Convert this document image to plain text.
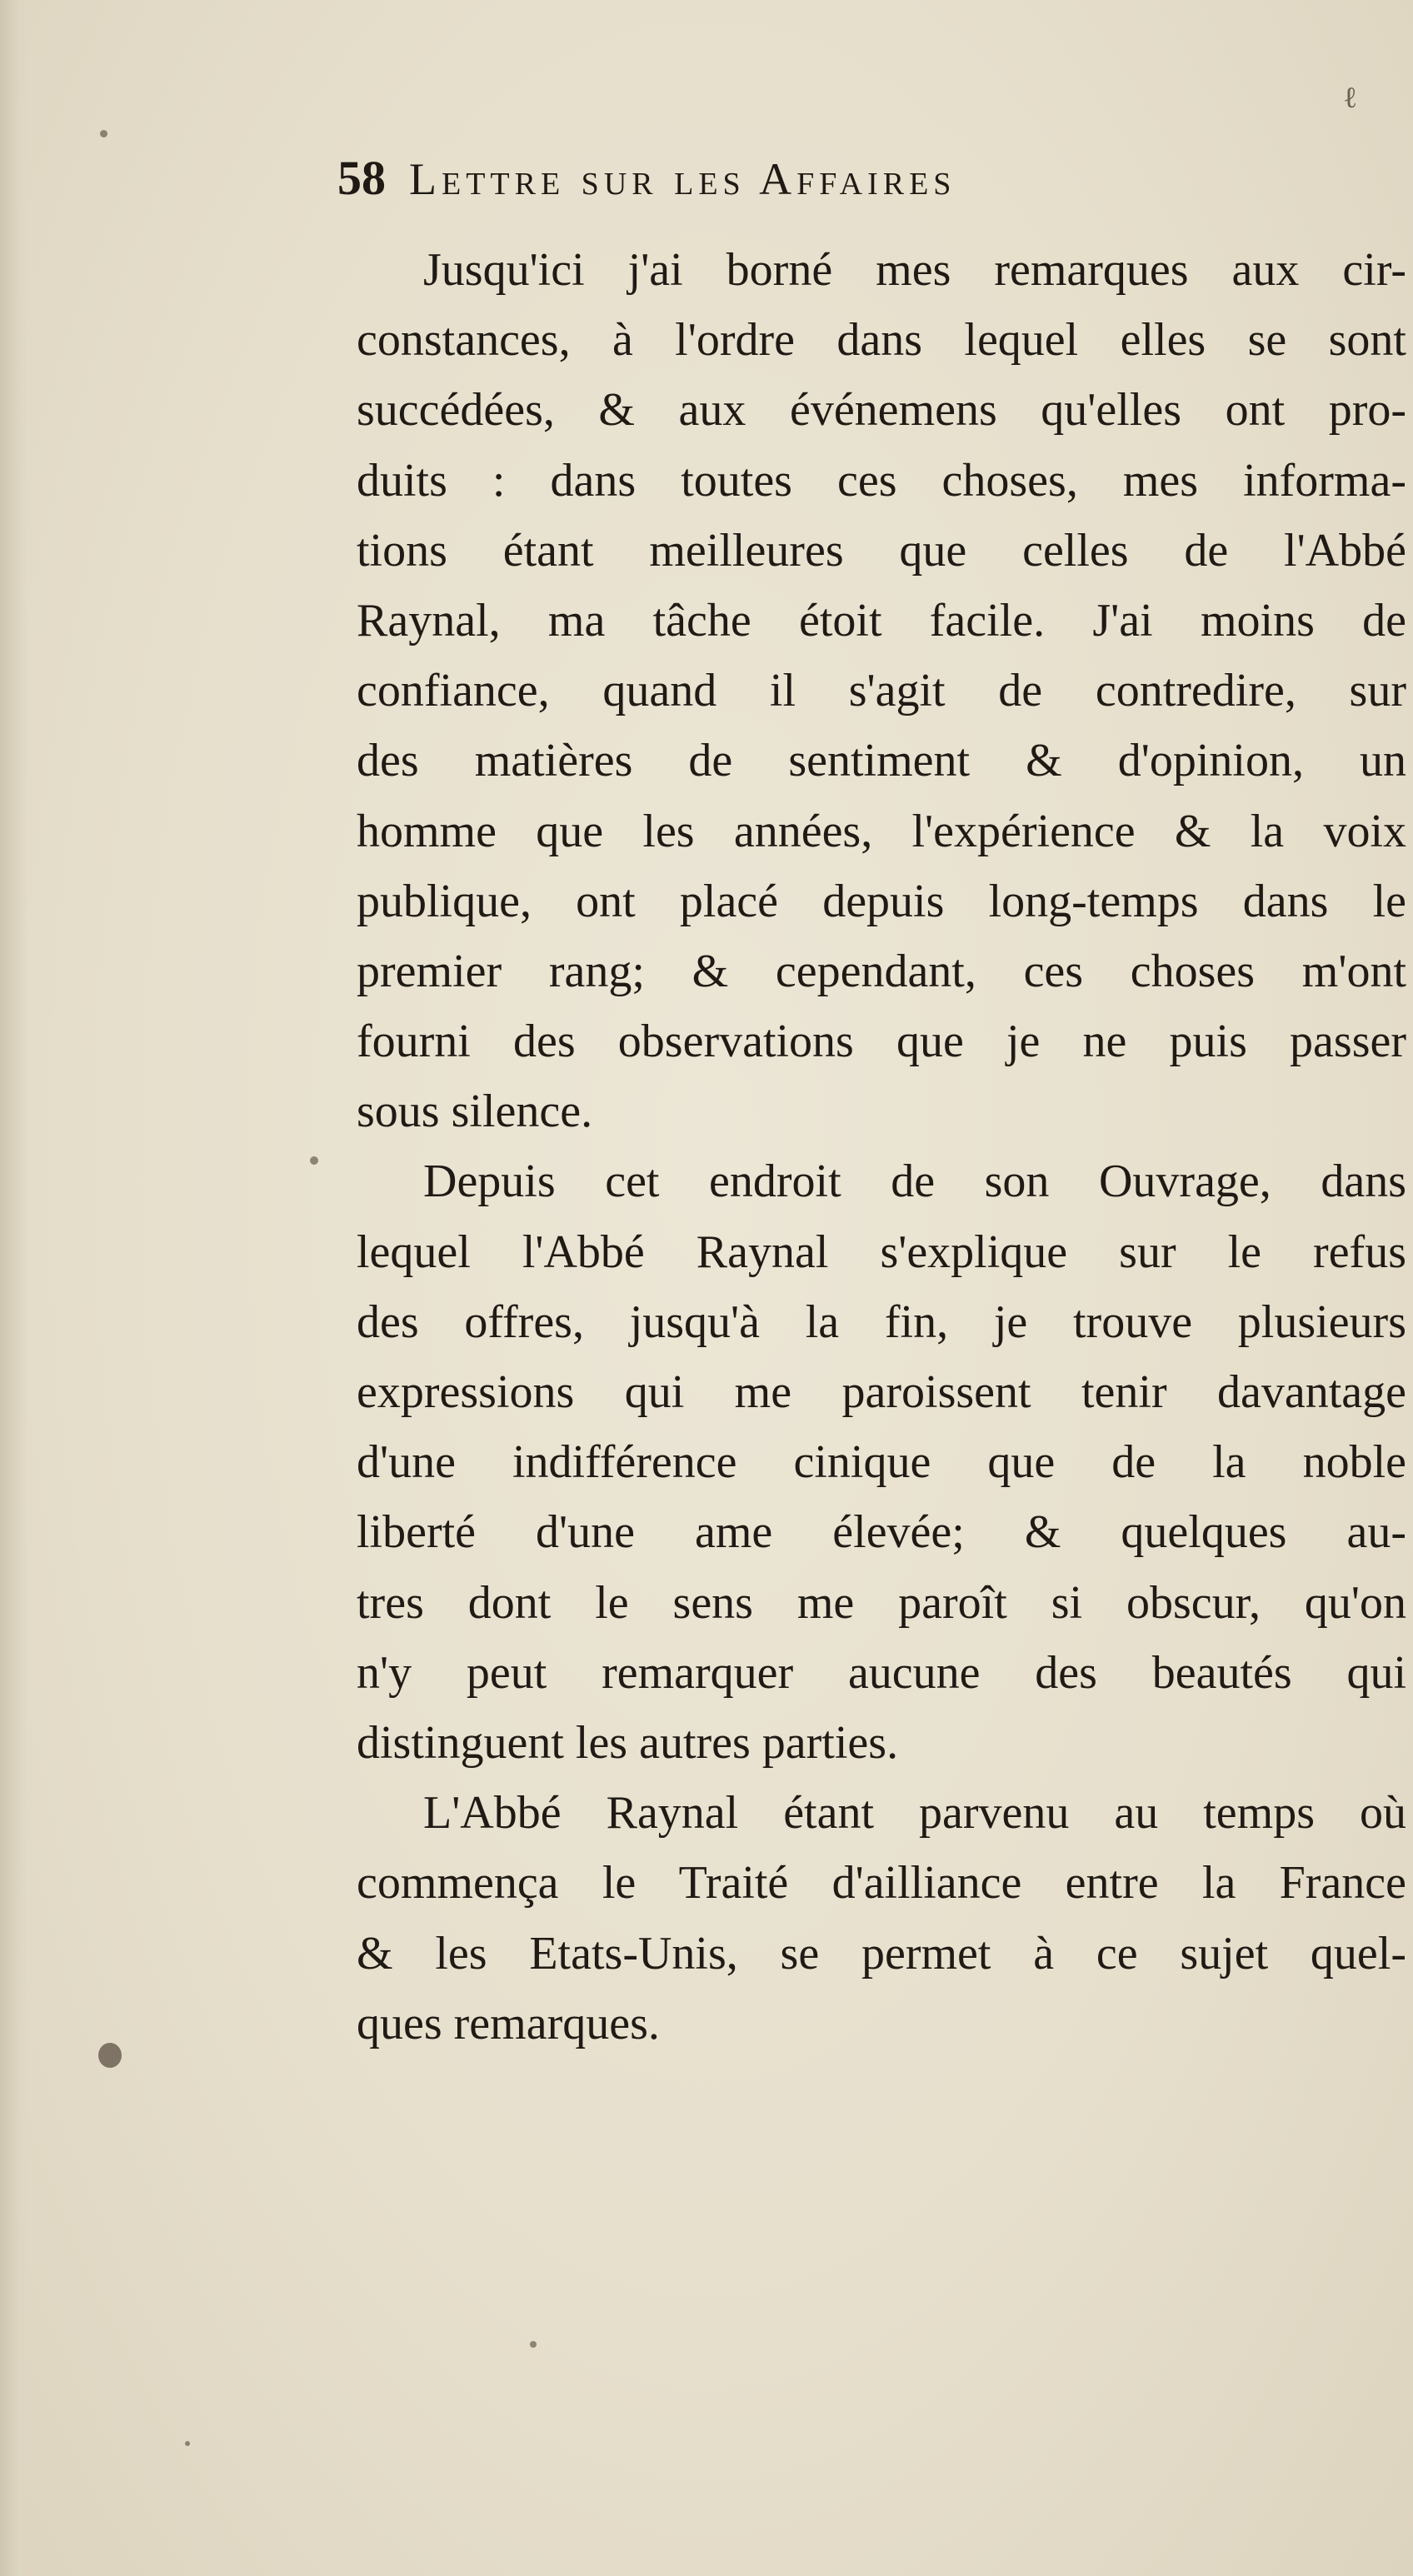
ℓ
58 Lettre sur les Affaires
Jusqu'ici j'ai borné mes remarques aux cir-
constances, à l'ordre dans lequel elles se sont
succédées, & aux événemens qu'elles ont pro-
duits : dans toutes ces choses, mes informa-
tions étant meilleures que celles de l'Abbé
Raynal, ma tâche étoit facile. J'ai moins de
confiance, quand il s'agit de contredire, sur
des matières de sentiment & d'opinion, un
homme que les années, l'expérience & la voix
publique, ont placé depuis long-temps dans le
premier rang; & cependant, ces choses m'ont
fourni des observations que je ne puis passer
sous silence.
Depuis cet endroit de son Ouvrage, dans
lequel l'Abbé Raynal s'explique sur le refus
des offres, jusqu'à la fin, je trouve plusieurs
expressions qui me paroissent tenir davantage
d'une indifférence cinique que de la noble
liberté d'une ame élevée; & quelques au-
tres dont le sens me paroît si obscur, qu'on
n'y peut remarquer aucune des beautés qui
distinguent les autres parties.
L'Abbé Raynal étant parvenu au temps où
commença le Traité d'ailliance entre la France
& les Etats-Unis, se permet à ce sujet quel-
ques remarques.
